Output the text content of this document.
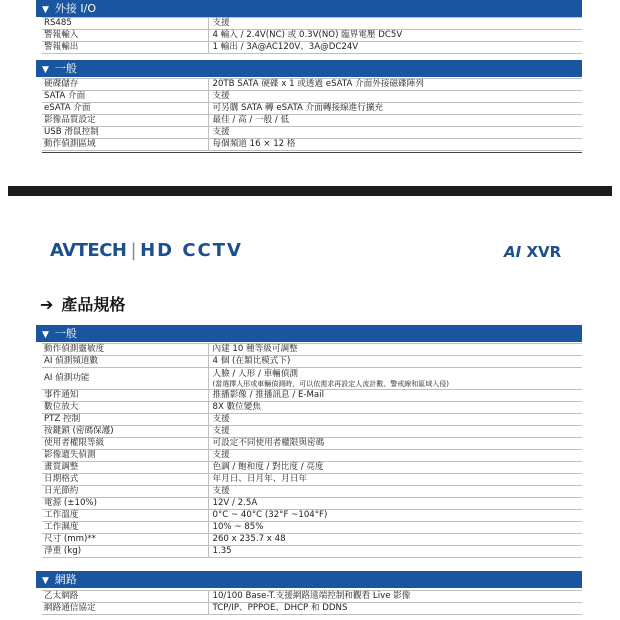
▼ 外接 I/O
RS485	支援
警報輸入	4 輸入 / 2.4V(NC) 或 0.3V(NO) 臨界電壓 DC5V
警報輸出	1 輸出 / 3A@AC120V、3A@DC24V
▼ 一般
硬碟儲存	20TB SATA 硬碟 x 1 或透過 eSATA 介面外接磁碟陣列
SATA 介面	支援
eSATA 介面	可另購 SATA 轉 eSATA 介面轉接線進行擴充
影像品質設定	最佳 / 高 / 一般 / 低
USB 滑鼠控制	支援
動作偵測區域	每個頻道 16 × 12 格
AVTECH | HD CCTV	AI XVR
➔ 產品規格
▼ 一般
動作偵測靈敏度	內建 10 種等級可調整
AI 偵測頻道數	4 個 (在類比模式下)
AI 偵測功能	人臉 / 人形 / 車輛偵測
(當選擇人形或車輛偵測時，可以依需求再設定人流計數、警戒線和區域入侵)

事件通知	推播影像 / 推播訊息 / E-Mail
數位放大	8X 數位變焦
PTZ 控制	支援
按鍵鎖 (密碼保護)	支援
使用者權限等級	可設定不同使用者權限與密碼
影像遺失偵測	支援
畫質調整	色調 / 飽和度 / 對比度 / 亮度
日期格式	年月日、日月年、月日年
日光節約	支援
電源 (±10%)	12V / 2.5A
工作溫度	0°C ~ 40°C (32°F ~104°F)
工作濕度	10% ~ 85%
尺寸 (mm)**	260 x 235.7 x 48
淨重 (kg)	1.35
▼ 網路
乙太網路	10/100 Base-T.支援網路遠端控制和觀看 Live 影像
網路通信協定	TCP/IP、PPPOE、DHCP 和 DDNS
